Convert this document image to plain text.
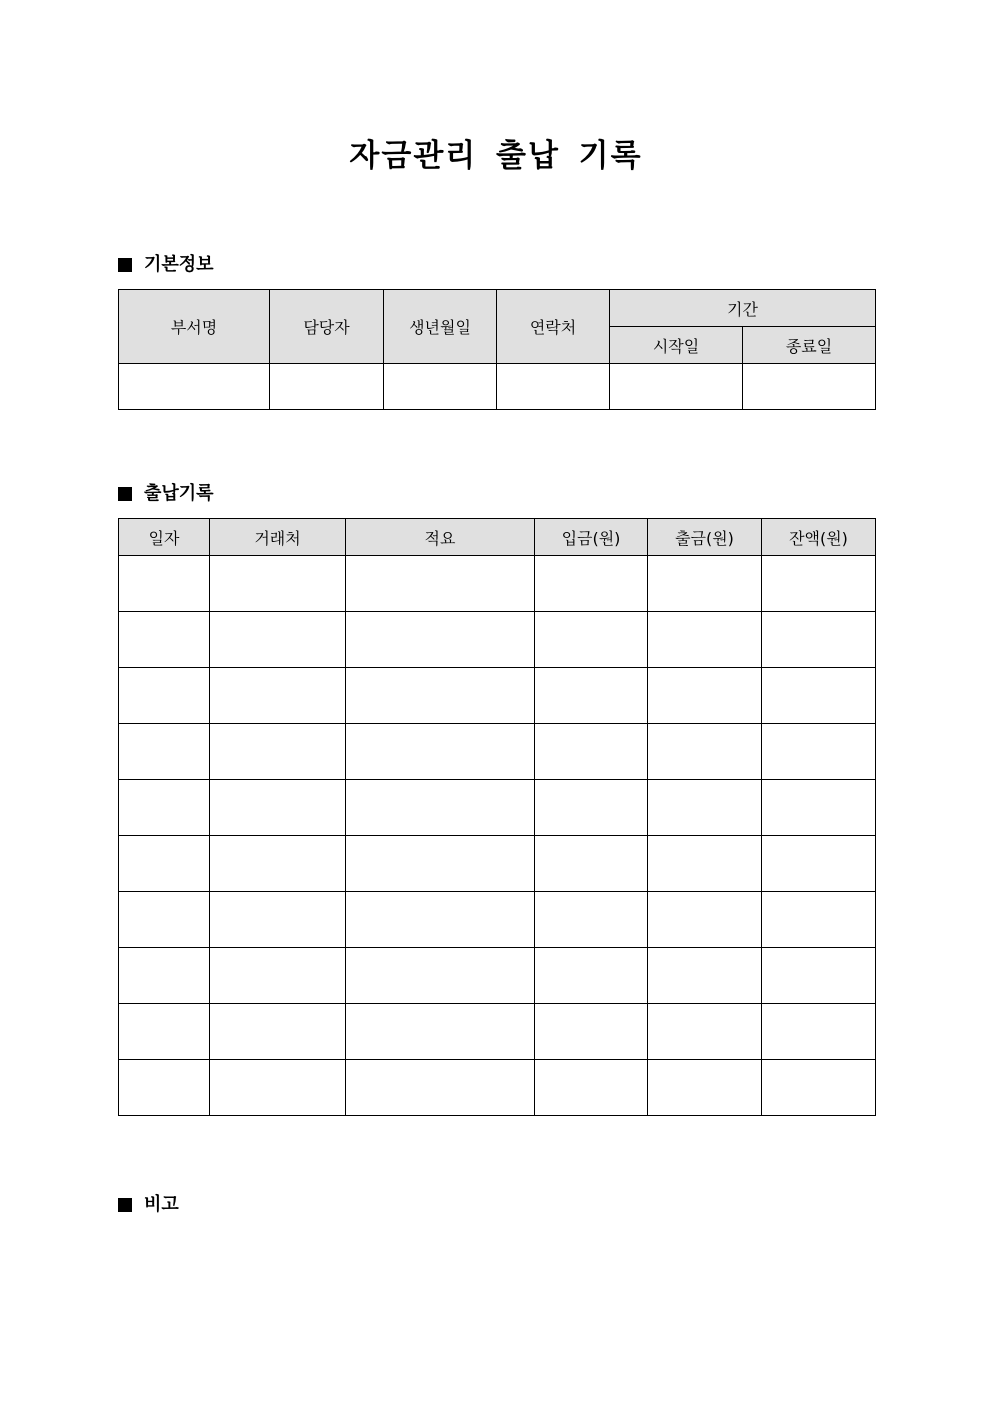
자금관리 출납 기록
기본정보
부서명	담당자	생년월일	연락처	기간	
				시작일	종료일

출납기록
일자	거래처	적요	입금(원)	출금(원)	잔액(원)

비고
